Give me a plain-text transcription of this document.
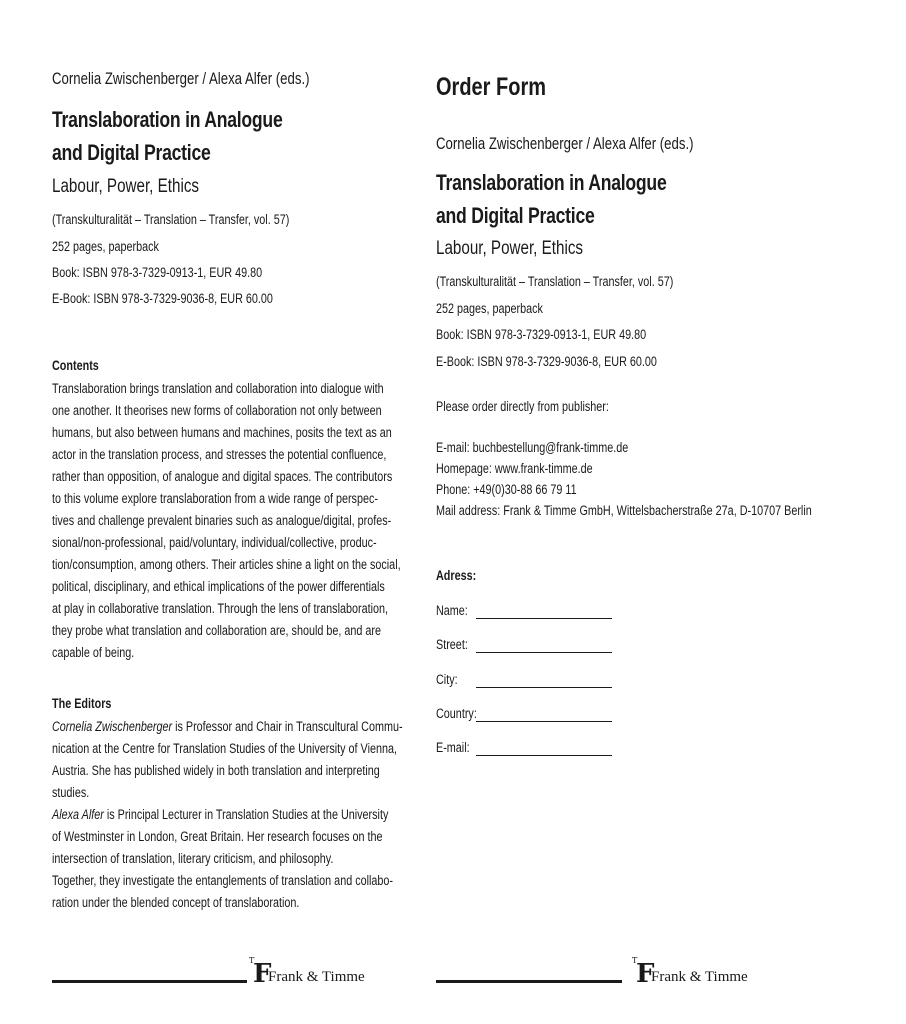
Cornelia Zwischenberger / Alexa Alfer (eds.)
Translaboration in Analogue
and Digital Practice
Labour, Power, Ethics
(Transkulturalität – Translation – Transfer, vol. 57)
252 pages, paperback
Book: ISBN 978-3-7329-0913-1, EUR 49.80
E-Book: ISBN 978-3-7329-9036-8, EUR 60.00
Contents
Translaboration brings translation and collaboration into dialogue with
one another. It theorises new forms of collaboration not only between
humans, but also between humans and machines, posits the text as an
actor in the translation process, and stresses the potential confluence,
rather than opposition, of analogue and digital spaces. The contributors
to this volume explore translaboration from a wide range of perspec-
tives and challenge prevalent binaries such as analogue/digital, profes-
sional/non-professional, paid/voluntary, individual/collective, produc-
tion/consumption, among others. Their articles shine a light on the social,
political, disciplinary, and ethical implications of the power differentials
at play in collaborative translation. Through the lens of translaboration,
they probe what translation and collaboration are, should be, and are
capable of being.
The Editors
Cornelia Zwischenberger is Professor and Chair in Transcultural Commu-
nication at the Centre for Translation Studies of the University of Vienna,
Austria. She has published widely in both translation and interpreting
studies.
Alexa Alfer is Principal Lecturer in Translation Studies at the University
of Westminster in London, Great Britain. Her research focuses on the
intersection of translation, literary criticism, and philosophy.
Together, they investigate the entanglements of translation and collabo-
ration under the blended concept of translaboration.
Order Form
Cornelia Zwischenberger / Alexa Alfer (eds.)
Translaboration in Analogue
and Digital Practice
Labour, Power, Ethics
(Transkulturalität – Translation – Transfer, vol. 57)
252 pages, paperback
Book: ISBN 978-3-7329-0913-1, EUR 49.80
E-Book: ISBN 978-3-7329-9036-8, EUR 60.00
Please order directly from publisher:
E-mail: buchbestellung@frank-timme.de
Homepage: www.frank-timme.de
Phone: +49(0)30-88 66 79 11
Mail address: Frank & Timme GmbH, Wittelsbacherstraße 27a, D-10707 Berlin
Adress:
Name:
Street:
City:
Country:
E-mail:
F
T
Frank & Timme	F
T
Frank & Timme
